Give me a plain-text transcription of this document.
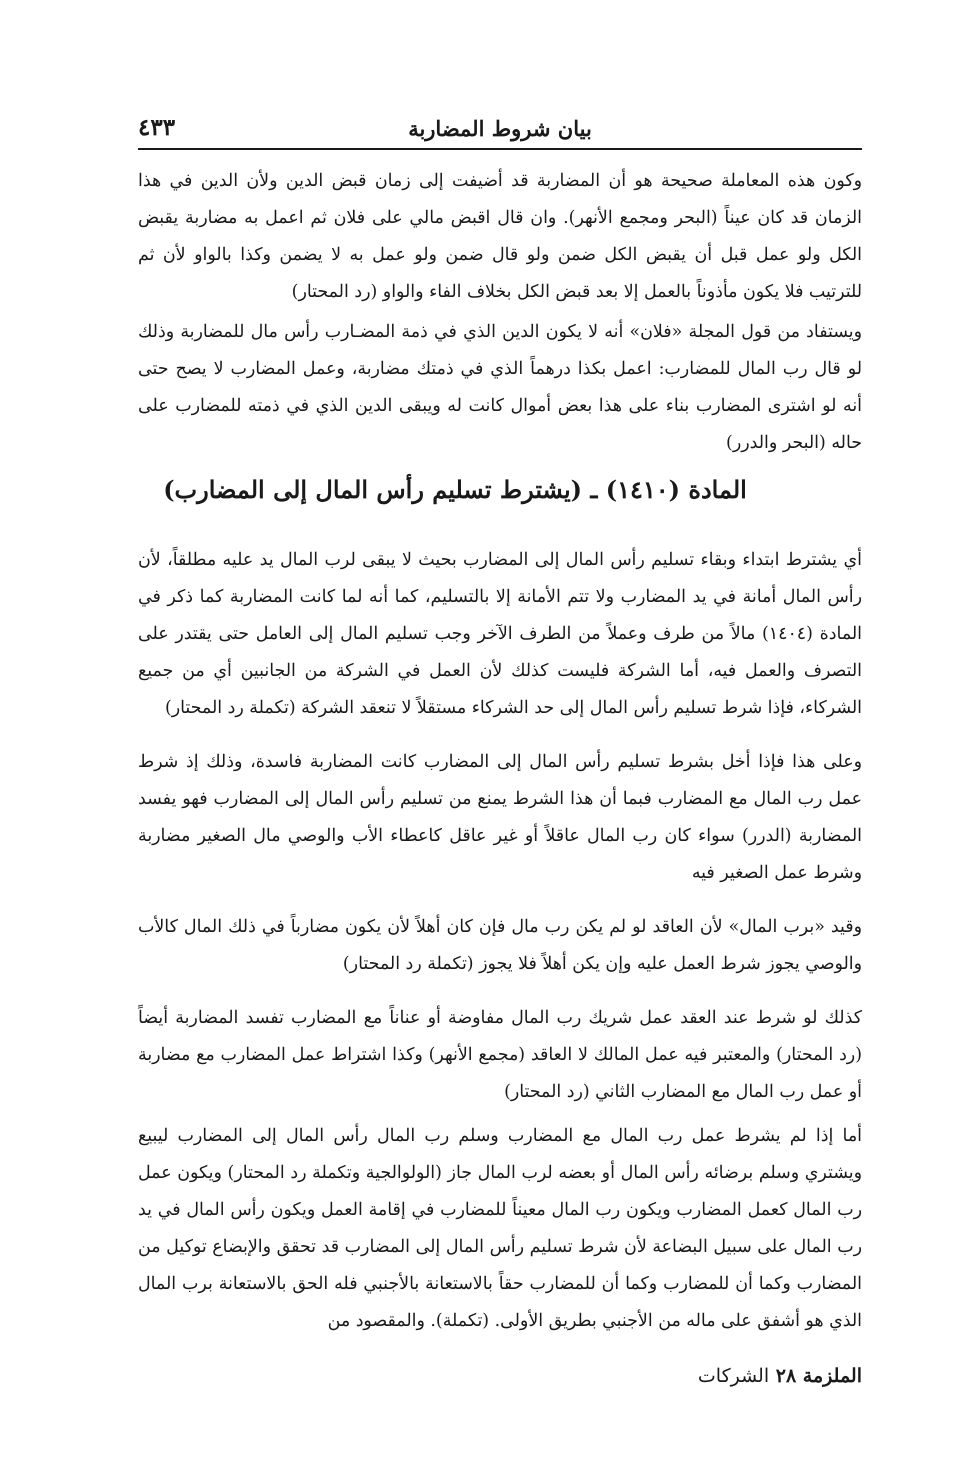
بيان شروط المضاربة
٤٣٣

وكون هذه المعاملة صحيحة هو أن المضاربة قد أضيفت إلى زمان قبض الدين ولأن الدين في هذا الزمان قد كان عيناً (البحر ومجمع الأنهر). وان قال اقبض مالي على فلان ثم اعمل به مضاربة يقبض الكل ولو عمل قبل أن يقبض الكل ضمن ولو قال ضمن ولو عمل به لا يضمن وكذا بالواو لأن ثم للترتيب فلا يكون مأذوناً بالعمل إلا بعد قبض الكل بخلاف الفاء والواو (رد المحتار)

ويستفاد من قول المجلة «فلان» أنه لا يكون الدين الذي في ذمة المضـارب رأس مال للمضاربة وذلك لو قال رب المال للمضارب: اعمل بكذا درهماً الذي في ذمتك مضاربة، وعمل المضارب لا يصح حتى أنه لو اشترى المضارب بناء على هذا بعض أموال كانت له ويبقى الدين الذي في ذمته للمضارب على حاله (البحر والدرر)

المادة (١٤١٠) ـ (يشترط تسليم رأس المال إلى المضارب)

أي يشترط ابتداء وبقاء تسليم رأس المال إلى المضارب بحيث لا يبقى لرب المال يد عليه مطلقاً، لأن رأس المال أمانة في يد المضارب ولا تتم الأمانة إلا بالتسليم، كما أنه لما كانت المضاربة كما ذكر في المادة (١٤٠٤) مالاً من طرف وعملاً من الطرف الآخر وجب تسليم المال إلى العامل حتى يقتدر على التصرف والعمل فيه، أما الشركة فليست كذلك لأن العمل في الشركة من الجانبين أي من جميع الشركاء، فإذا شرط تسليم رأس المال إلى حد الشركاء مستقلاً لا تنعقد الشركة (تكملة رد المحتار)

وعلى هذا فإذا أخل بشرط تسليم رأس المال إلى المضارب كانت المضاربة فاسدة، وذلك إذ شرط عمل رب المال مع المضارب فبما أن هذا الشرط يمنع من تسليم رأس المال إلى المضارب فهو يفسد المضاربة (الدرر) سواء كان رب المال عاقلاً أو غير عاقل كاعطاء الأب والوصي مال الصغير مضاربة وشرط عمل الصغير فيه

وقيد «برب المال» لأن العاقد لو لم يكن رب مال فإن كان أهلاً لأن يكون مضارباً في ذلك المال كالأب والوصي يجوز شرط العمل عليه وإن يكن أهلاً فلا يجوز (تكملة رد المحتار)

كذلك لو شرط عند العقد عمل شريك رب المال مفاوضة أو عناناً مع المضارب تفسد المضاربة أيضاً (رد المحتار) والمعتبر فيه عمل المالك لا العاقد (مجمع الأنهر) وكذا اشتراط عمل المضارب مع مضاربة أو عمل رب المال مع المضارب الثاني (رد المحتار)

أما إذا لم يشرط عمل رب المال مع المضارب وسلم رب المال رأس المال إلى المضارب ليبيع ويشتري وسلم برضائه رأس المال أو بعضه لرب المال جاز (الولوالجية وتكملة رد المحتار) ويكون عمل رب المال كعمل المضارب ويكون رب المال معيناً للمضارب في إقامة العمل ويكون رأس المال في يد رب المال على سبيل البضاعة لأن شرط تسليم رأس المال إلى المضارب قد تحقق والإبضاع توكيل من المضارب وكما أن للمضارب وكما أن للمضارب حقاً بالاستعانة بالأجنبي فله الحق بالاستعانة برب المال الذي هو أشفق على ماله من الأجنبي بطريق الأولى. (تكملة). والمقصود من

الملزمة ٢٨ الشركات
